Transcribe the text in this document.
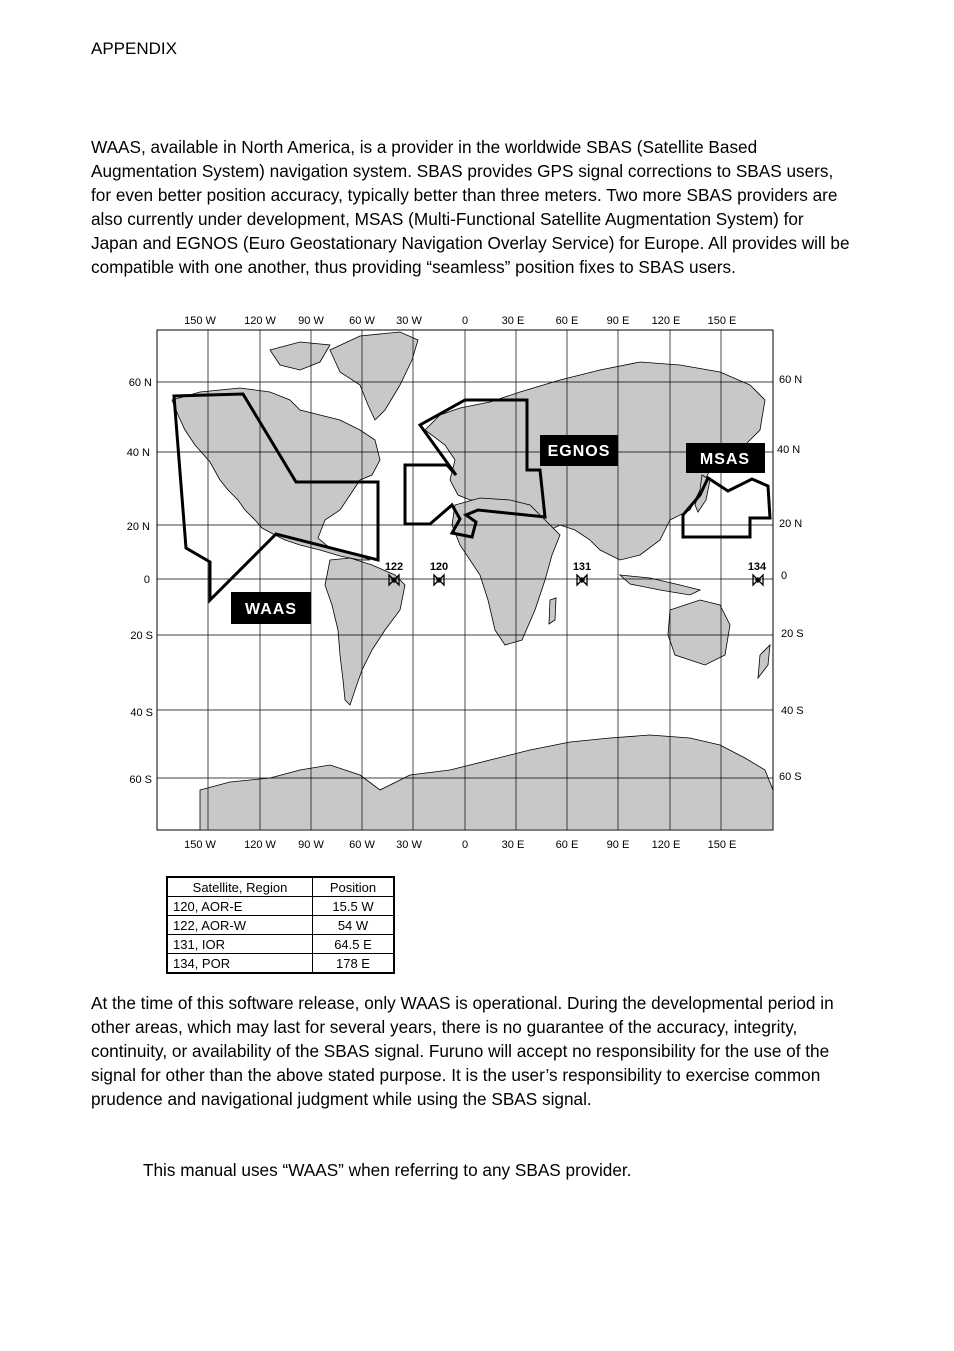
APPENDIX

WAAS, available in North America, is a provider in the worldwide SBAS (Satellite Based Augmentation System) navigation system. SBAS provides GPS signal corrections to SBAS users, for even better position accuracy, typically better than three meters. Two more SBAS providers are also currently under development, MSAS (Multi-Functional Satellite Augmentation System) for Japan and EGNOS (Euro Geostationary Navigation Overlay Service) for Europe. All provides will be compatible with one another, thus providing “seamless” position fixes to SBAS users.

WAAS
EGNOS	MSAS
122 120	131	134
150 W	120 W 90 W 60 W 30 W	0	30 E	60 E	90 E 120 E 150 E
150 W	120 W 90 W 60 W 30 W	0	30 E	60 E	90 E 120 E 150 E
60 N
40 N
20 N
0
20 S
40 S
60 S
60 N
40 N
20 N
0
20 S
40 S
60 S
Satellite, Region	Position
120, AOR-E	15.5 W
122, AOR-W	54 W
131, IOR	64.5 E
134, POR	178 E

At the time of this software release, only WAAS is operational. During the developmental period in other areas, which may last for several years, there is no guarantee of the accuracy, integrity, continuity, or availability of the SBAS signal. Furuno will accept no responsibility for the use of the signal for other than the above stated purpose. It is the user’s responsibility to exercise common prudence and navigational judgment while using the SBAS signal.

This manual uses “WAAS” when referring to any SBAS provider.
